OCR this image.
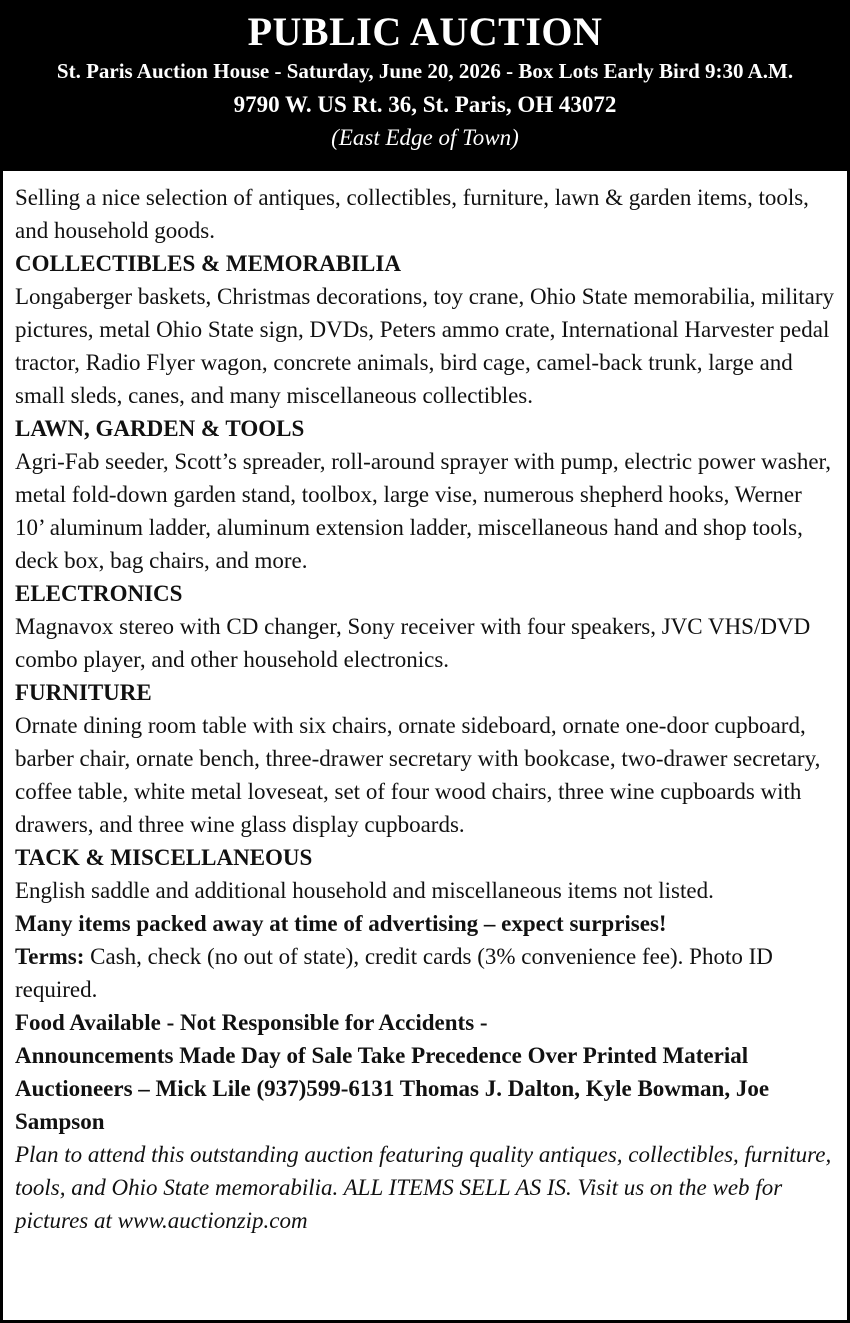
PUBLIC AUCTION
St. Paris Auction House - Saturday, June 20, 2026 - Box Lots Early Bird 9:30 A.M.
9790 W. US Rt. 36, St. Paris, OH 43072
(East Edge of Town)

Selling a nice selection of antiques, collectibles, furniture, lawn & garden items, tools, and household goods.

COLLECTIBLES & MEMORABILIA

Longaberger baskets, Christmas decorations, toy crane, Ohio State memorabilia, military pictures, metal Ohio State sign, DVDs, Peters ammo crate, International Harvester pedal tractor, Radio Flyer wagon, concrete animals, bird cage, camel-back trunk, large and small sleds, canes, and many miscellaneous collectibles.

LAWN, GARDEN & TOOLS

Agri-Fab seeder, Scott’s spreader, roll-around sprayer with pump, electric power washer, metal fold-down garden stand, toolbox, large vise, numerous shepherd hooks, Werner 10’ aluminum ladder, aluminum extension ladder, miscellaneous hand and shop tools, deck box, bag chairs, and more.

ELECTRONICS

Magnavox stereo with CD changer, Sony receiver with four speakers, JVC VHS/DVD combo player, and other household electronics.

FURNITURE

Ornate dining room table with six chairs, ornate sideboard, ornate one-door cupboard, barber chair, ornate bench, three-drawer secretary with bookcase, two-drawer secretary, coffee table, white metal loveseat, set of four wood chairs, three wine cupboards with drawers, and three wine glass display cupboards.

TACK & MISCELLANEOUS

English saddle and additional household and miscellaneous items not listed.

Many items packed away at time of advertising – expect surprises!

Terms: Cash, check (no out of state), credit cards (3% convenience fee). Photo ID required.

Food Available - Not Responsible for Accidents -

Announcements Made Day of Sale Take Precedence Over Printed Material

Auctioneers – Mick Lile (937)599-6131 Thomas J. Dalton, Kyle Bowman, Joe Sampson

Plan to attend this outstanding auction featuring quality antiques, collectibles, furniture, tools, and Ohio State memorabilia. ALL ITEMS SELL AS IS. Visit us on the web for pictures at www.auctionzip.com
